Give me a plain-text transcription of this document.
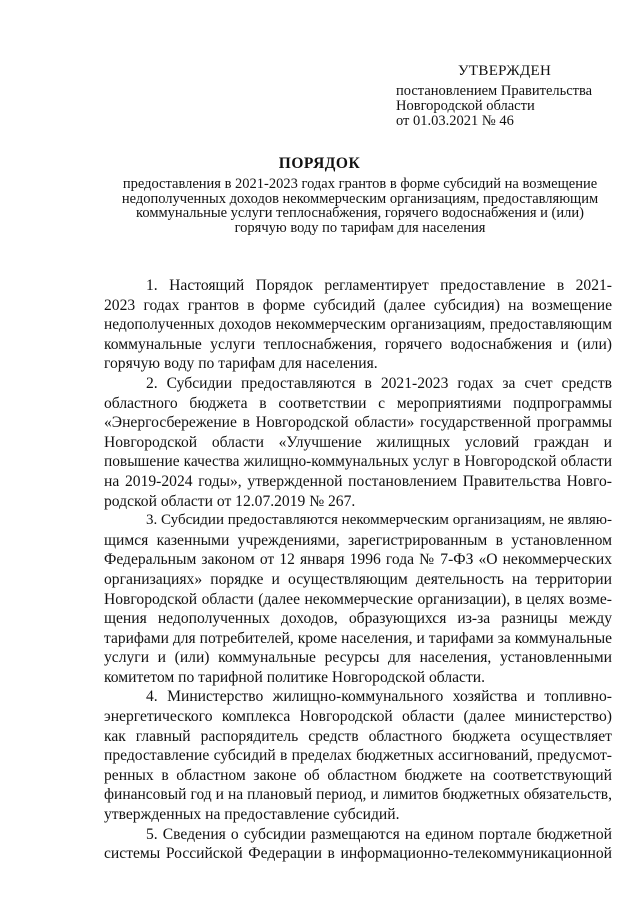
УТВЕРЖДЕН
постановлением Правительства
Новгородской области
от 01.03.2021 № 46
ПОРЯДОК
предоставления в 2021-2023 годах грантов в форме субсидий на возмещение
недополученных доходов некоммерческим организациям, предоставляющим
коммунальные услуги теплоснабжения, горячего водоснабжения и (или)
горячую воду по тарифам для населения

1. Настоящий Порядок регламентирует предоставление в 2021-
2023 годах грантов в форме субсидий (далее субсидия) на возмещение
недополученных доходов некоммерческим организациям, предоставляющим
коммунальные услуги теплоснабжения, горячего водоснабжения и (или)
горячую воду по тарифам для населения.

2. Субсидии предоставляются в 2021-2023 годах за счет средств
областного бюджета в соответствии с мероприятиями подпрограммы
«Энергосбережение в Новгородской области» государственной программы
Новгородской области «Улучшение жилищных условий граждан и
повышение качества жилищно-коммунальных услуг в Новгородской области
на 2019-2024 годы», утвержденной постановлением Правительства Новго-
родской области от 12.07.2019 № 267.

3. Субсидии предоставляются некоммерческим организациям, не являю-
щимся казенными учреждениями, зарегистрированным в установленном
Федеральным законом от 12 января 1996 года № 7-ФЗ «О некоммерческих
организациях» порядке и осуществляющим деятельность на территории
Новгородской области (далее некоммерческие организации), в целях возме-
щения недополученных доходов, образующихся из-за разницы между
тарифами для потребителей, кроме населения, и тарифами за коммунальные
услуги и (или) коммунальные ресурсы для населения, установленными
комитетом по тарифной политике Новгородской области.

4. Министерство жилищно-коммунального хозяйства и топливно-
энергетического комплекса Новгородской области (далее министерство)
как главный распорядитель средств областного бюджета осуществляет
предоставление субсидий в пределах бюджетных ассигнований, предусмот-
ренных в областном законе об областном бюджете на соответствующий
финансовый год и на плановый период, и лимитов бюджетных обязательств,
утвержденных на предоставление субсидий.

5. Сведения о субсидии размещаются на едином портале бюджетной
системы Российской Федерации в информационно-телекоммуникационной
